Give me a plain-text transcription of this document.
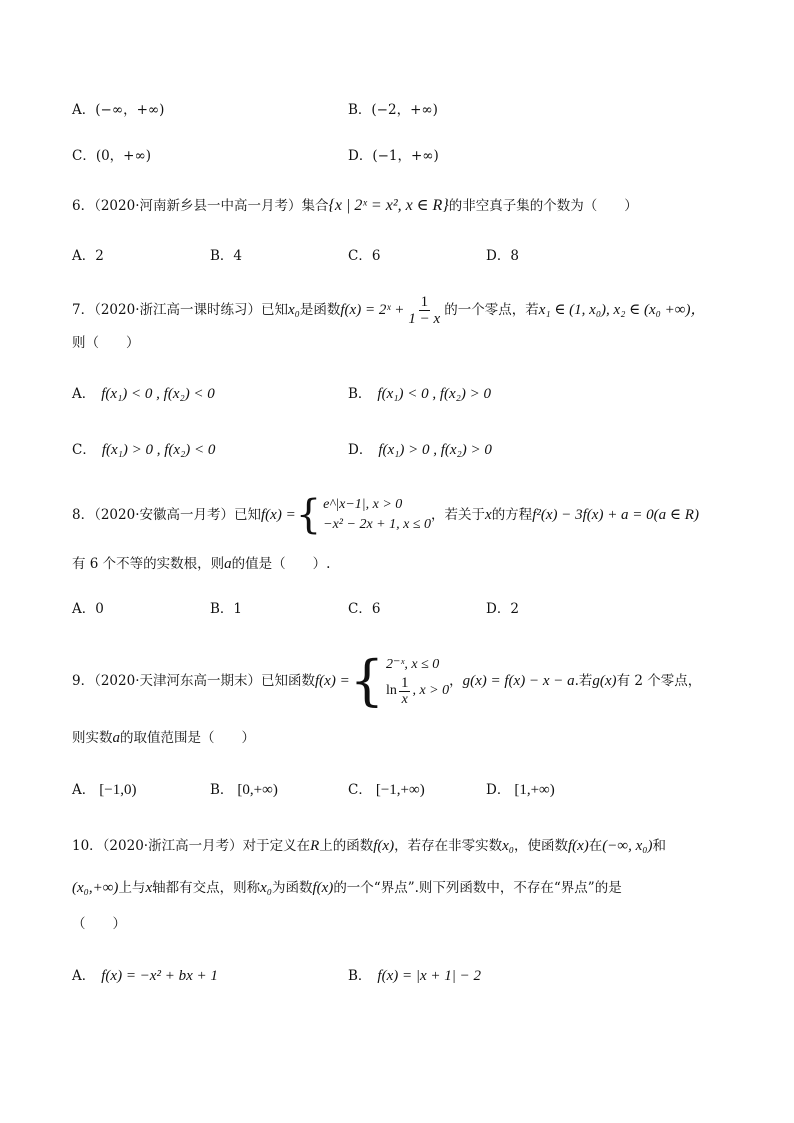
A．(−∞，+∞)	B．(−2，+∞)
C．(0，+∞)	D．(−1，+∞)
6．（2020·河南新乡县一中高一月考）集合 {x | 2ˣ = x², x ∈ R} 的非空真子集的个数为（　　）
A．2	B．4	C．6	D．8
7．（2020·浙江高一课时练习）已知 x₀ 是函数 f(x) = 2ˣ + $\frac{1}{1 - x}$ 的一个零点，若 x₁ ∈ (1, x₀), x₂ ∈ (x₀ +∞)，
则（　　）
A． f(x₁) < 0 , f(x₂) < 0	B． f(x₁) < 0 , f(x₂) > 0
C． f(x₁) > 0 , f(x₂) < 0	D． f(x₁) > 0 , f(x₂) > 0
8．（2020·安徽高一月考）已知 f(x) = { e^|x−1|, x > 0
−x² − 2x + 1, x ≤ 0
，若关于 x 的方程 f²(x) − 3f(x) + a = 0(a ∈ R)
有 6 个不等的实数根，则 a 的值是（　　）.
A．0	B．1	C．6	D．2
9．（2020·天津河东高一期末）已知函数 f(x) = { 2⁻ˣ, x ≤ 0
$\ln \frac{1}{x}$ , x > 0
， g(x) = f(x) − x − a .若 g(x) 有 2 个零点，
则实数 a 的取值范围是（　　）
A． [−1,0)	B． [0,+∞)	C． [−1,+∞)	D． [1,+∞)
10．（2020·浙江高一月考）对于定义在 R 上的函数 f(x) ，若存在非零实数 x₀ ，使函数 f(x) 在 (−∞, x₀) 和
(x₀,+∞) 上与 x 轴都有交点，则称 x₀ 为函数 f(x) 的一个“界点”.则下列函数中，不存在“界点”的是
（　　）
A． f(x) = −x² + bx + 1	B． f(x) = |x + 1| − 2
